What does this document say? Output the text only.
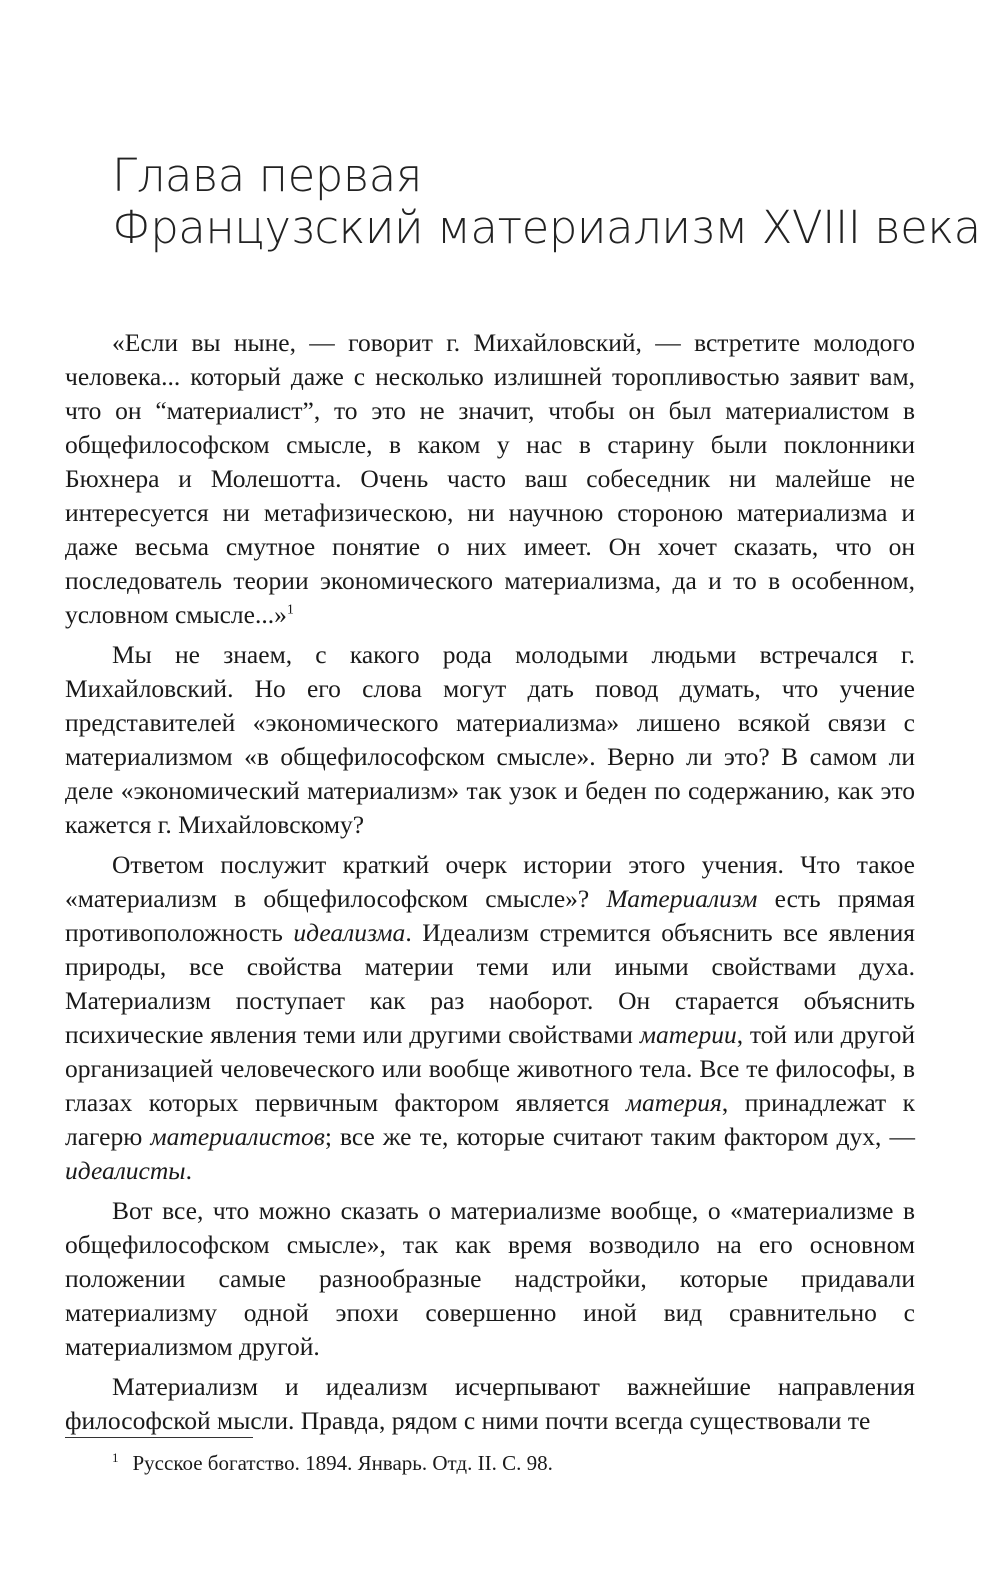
Глава первая
Французский материализм XVIII века

«Если вы ныне, — говорит г. Михайловский, — встретите молодого человека... который даже с несколько излишней торопливостью заявит вам, что он “материалист”, то это не значит, чтобы он был материалистом в общефилософском смысле, в каком у нас в старину были поклонники Бюхнера и Молешотта. Очень часто ваш собеседник ни малейше не интересуется ни метафизическою, ни научною стороною материализма и даже весьма смутное понятие о них имеет. Он хочет сказать, что он последователь теории экономического материализма, да и то в особенном, условном смысле...»$^1$

Мы не знаем, с какого рода молодыми людьми встречался г. Михайловский. Но его слова могут дать повод думать, что учение представителей «экономического материализма» лишено всякой связи с материализмом «в общефилософском смысле». Верно ли это? В самом ли деле «экономический материализм» так узок и беден по содержанию, как это кажется г. Михайловскому?

Ответом послужит краткий очерк истории этого учения. Что такое «материализм в общефилософском смысле»? Материализм есть прямая противоположность идеализма. Идеализм стремится объяснить все явления природы, все свойства материи теми или иными свойствами духа. Материализм поступает как раз наоборот. Он старается объяснить психические явления теми или другими свойствами материи, той или другой организацией человеческого или вообще животного тела. Все те философы, в глазах которых первичным фактором является материя, принадлежат к лагерю материалистов; все же те, которые считают таким фактором дух, — идеалисты.

Вот все, что можно сказать о материализме вообще, о «материализме в общефилософском смысле», так как время возводило на его основном положении самые разнообразные надстройки, которые придавали материализму одной эпохи совершенно иной вид сравнительно с материализмом другой.

Материализм и идеализм исчерпывают важнейшие направления философской мысли. Правда, рядом с ними почти всегда существовали те

$^1$ Русское богатство. 1894. Январь. Отд. II. С. 98.
